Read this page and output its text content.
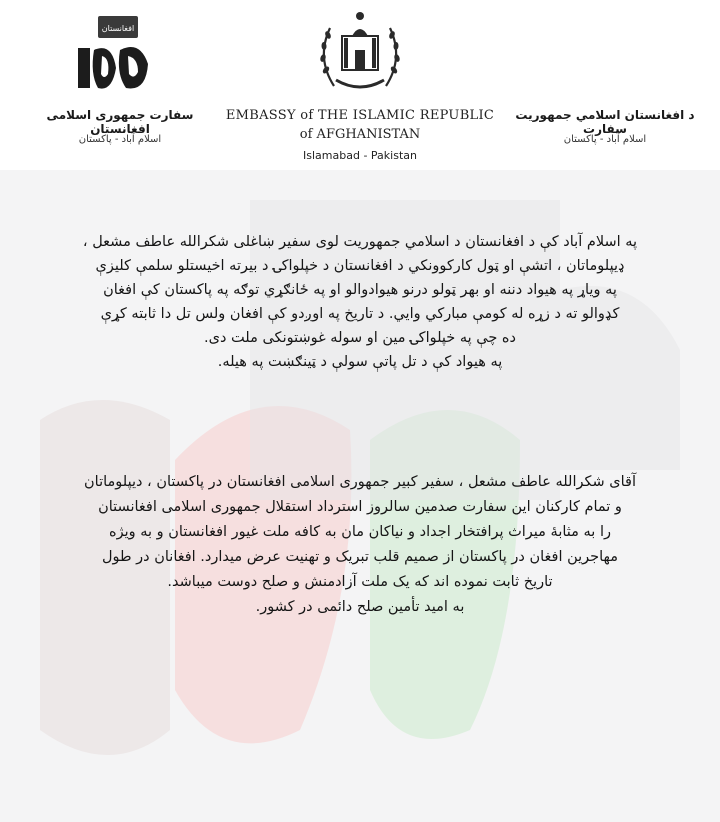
افغانستان
سفارت جمهوری اسلامی افغانستان
اسلام آباد - پاکستان
EMBASSY of THE ISLAMIC REPUBLIC
of AFGHANISTAN
Islamabad - Pakistan
د افغانستان اسلامي جمهوريت سفارت
اسلام آباد - پاکستان
په اسلام آباد کې د افغانستان د اسلامي جمهوریت لوی سفیر ښاغلی شکرالله عاطف مشعل ،
ډیپلوماتان ، اتشې او ټول کارکوونکي د افغانستان د خپلواکۍ د بیرته اخیستلو سلمې کلیزې
په ویاړ په هیواد دننه او بهر ټولو درنو هیوادوالو او په ځانګړي توګه په پاکستان کې افغان
کډوالو ته د زړه له کومې مبارکي وايي. د تاریخ په اوږدو کې افغان ولس تل دا ثابته کړې
ده چې په خپلواکۍ مین او سوله غوښتونکی ملت دی.
په هیواد کې د تل پاتې سولې د ټینګښت په هیله.
آقای شکرالله عاطف مشعل ، سفیر کبیر جمهوری اسلامی افغانستان در پاکستان ، دیپلوماتان
و تمام کارکنان این سفارت صدمین سالروز استرداد استقلال جمهوری اسلامی افغانستان
را به مثابهٔ میراث پرافتخار اجداد و نیاکان مان به کافه ملت غیور افغانستان و به ویژه
مهاجرین افغان در پاکستان از صمیم قلب تبریک و تهنیت عرض میدارد. افغانان در طول
تاریخ ثابت نموده اند که یک ملت آزادمنش و صلح دوست میباشد.
به امید تأمین صلح دائمی در کشور.
